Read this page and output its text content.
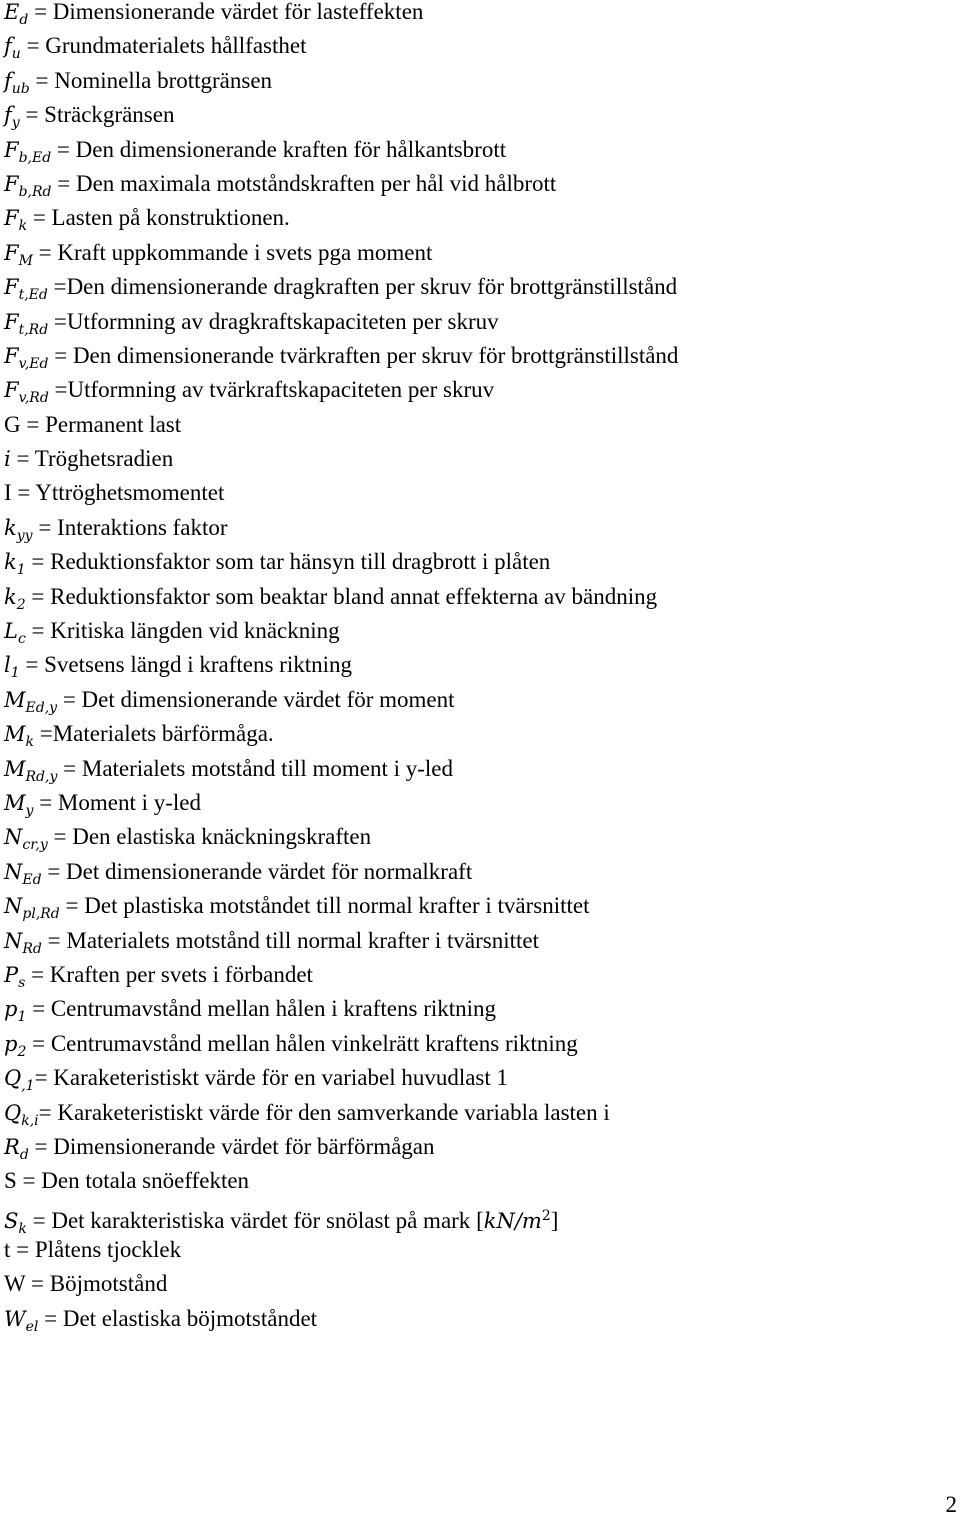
$E_d$ = Dimensionerande värdet för lasteffekten
$f_u$ = Grundmaterialets hållfasthet
$f_{ub}$ = Nominella brottgränsen
$f_y$ = Sträckgränsen
$F_{b,Ed}$ = Den dimensionerande kraften för hålkantsbrott
$F_{b,Rd}$ = Den maximala motståndskraften per hål vid hålbrott
$F_k$ = Lasten på konstruktionen.
$F_M$ = Kraft uppkommande i svets pga moment
$F_{t,Ed} =Den$ dimensionerande dragkraften per skruv för brottgränstillstånd
$F_{t,Rd}$ =Utformning av dragkraftskapaciteten per skruv
$F_{v,Ed}$ = Den dimensionerande tvärkraften per skruv för brottgränstillstånd
$F_{v,Rd}$ =Utformning av tvärkraftskapaciteten per skruv
G = Permanent last
i = Tröghetsradien
I = Yttröghetsmomentet
$k_{yy}$ = Interaktions faktor
$k_1$ = Reduktionsfaktor som tar hänsyn till dragbrott i plåten
$k_2$ = Reduktionsfaktor som beaktar bland annat effekterna av bändning
$L_c$ = Kritiska längden vid knäckning
$l_1$ = Svetsens längd i kraftens riktning
$M_{Ed,y}$ = Det dimensionerande värdet för moment
$M_k$ =Materialets bärförmåga.
$M_{Rd,y}$ = Materialets motstånd till moment i y-led
$M_y$ = Moment i y-led
$N_{cr,y}$ = Den elastiska knäckningskraften
$N_{Ed}$ = Det dimensionerande värdet för normalkraft
$N_{pl,Rd}$ = Det plastiska motståndet till normal krafter i tvärsnittet
$N_{Rd}$ = Materialets motstånd till normal krafter i tvärsnittet
$P_s$ = Kraften per svets i förbandet
$p_1$ = Centrumavstånd mellan hålen i kraftens riktning
$p_2$ = Centrumavstånd mellan hålen vinkelrätt kraftens riktning
$Q_{,1}=$ Karaketeristiskt värde för en variabel huvudlast 1
$Q_{k,i}=$ Karaketeristiskt värde för den samverkande variabla lasten i
$R_d$ = Dimensionerande värdet för bärförmågan
S = Den totala snöeffekten
$S_k$ = Det karakteristiska värdet för snölast på mark $[kN/m^2]$
t = Plåtens tjocklek
W = Böjmotstånd
$W_{el}$ = Det elastiska böjmotståndet
2
